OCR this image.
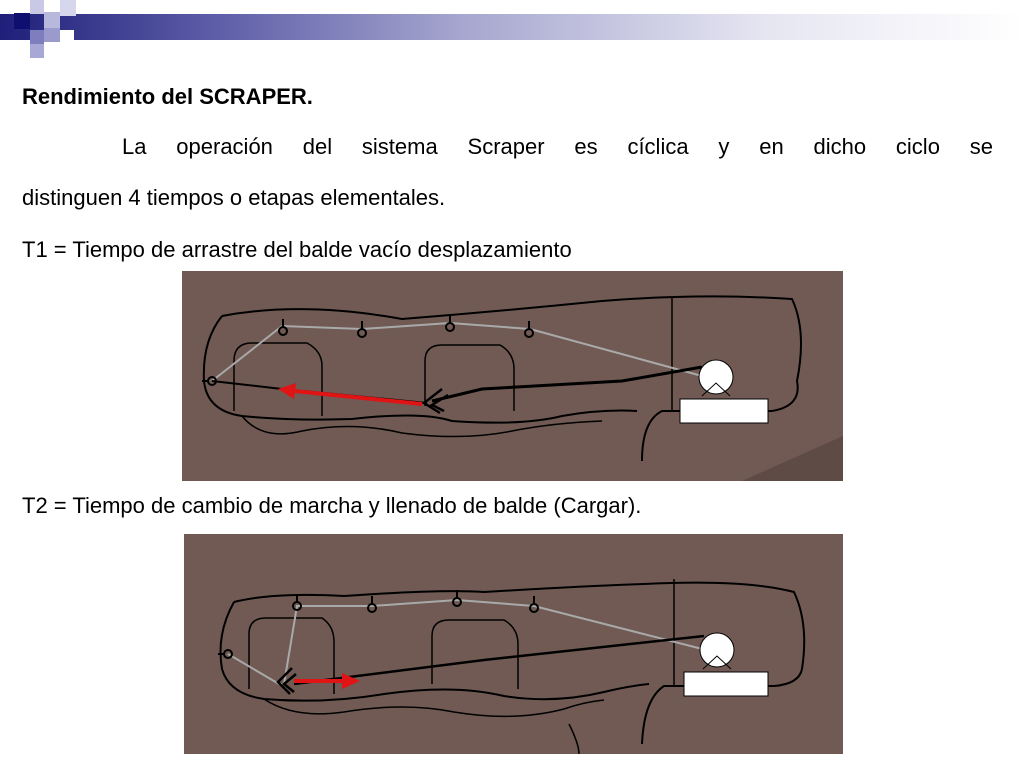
Rendimiento del SCRAPER.
La operación del sistema Scraper es cíclica y en dicho ciclo se
distinguen 4 tiempos o etapas elementales.
T1 = Tiempo de arrastre del balde vacío desplazamiento
T2 = Tiempo de cambio de marcha y llenado de balde (Cargar).
